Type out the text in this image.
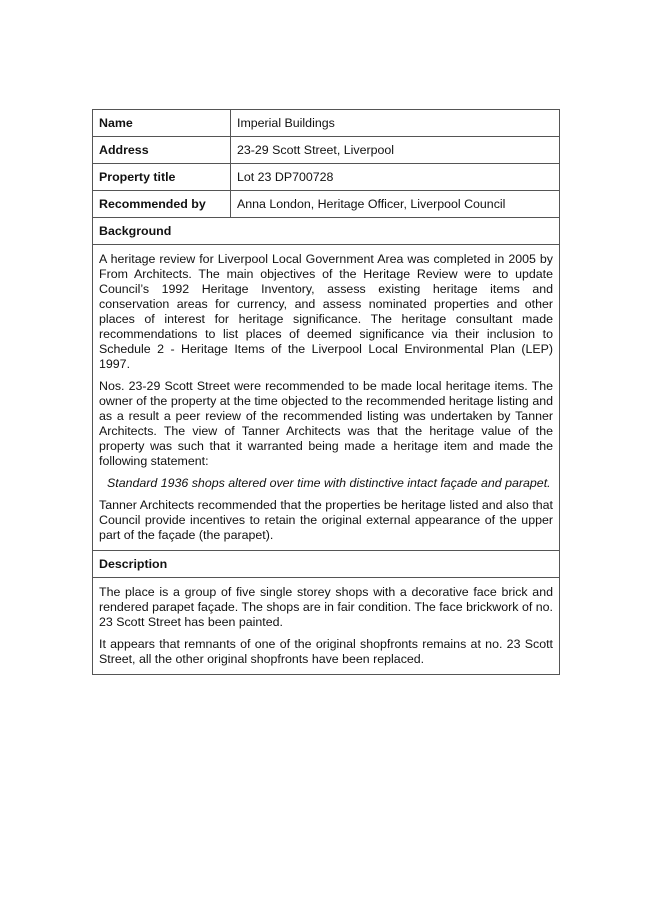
Name	Imperial Buildings
Address	23-29 Scott Street, Liverpool
Property title	Lot 23 DP700728
Recommended by	Anna London, Heritage Officer, Liverpool Council
Background	

A heritage review for Liverpool Local Government Area was completed in 2005 by From Architects. The main objectives of the Heritage Review were to update Council’s 1992 Heritage Inventory, assess existing heritage items and conservation areas for currency, and assess nominated properties and other places of interest for heritage significance. The heritage consultant made recommendations to list places of deemed significance via their inclusion to Schedule 2 - Heritage Items of the Liverpool Local Environmental Plan (LEP) 1997.

Nos. 23-29 Scott Street were recommended to be made local heritage items. The owner of the property at the time objected to the recommended heritage listing and as a result a peer review of the recommended listing was undertaken by Tanner Architects. The view of Tanner Architects was that the heritage value of the property was such that it warranted being made a heritage item and made the following statement:

Standard 1936 shops altered over time with distinctive intact façade and parapet.

Tanner Architects recommended that the properties be heritage listed and also that Council provide incentives to retain the original external appearance of the upper part of the façade (the parapet).	

Description	

The place is a group of five single storey shops with a decorative face brick and rendered parapet façade. The shops are in fair condition. The face brickwork of no. 23 Scott Street has been painted.

It appears that remnants of one of the original shopfronts remains at no. 23 Scott Street, all the other original shopfronts have been replaced.	
